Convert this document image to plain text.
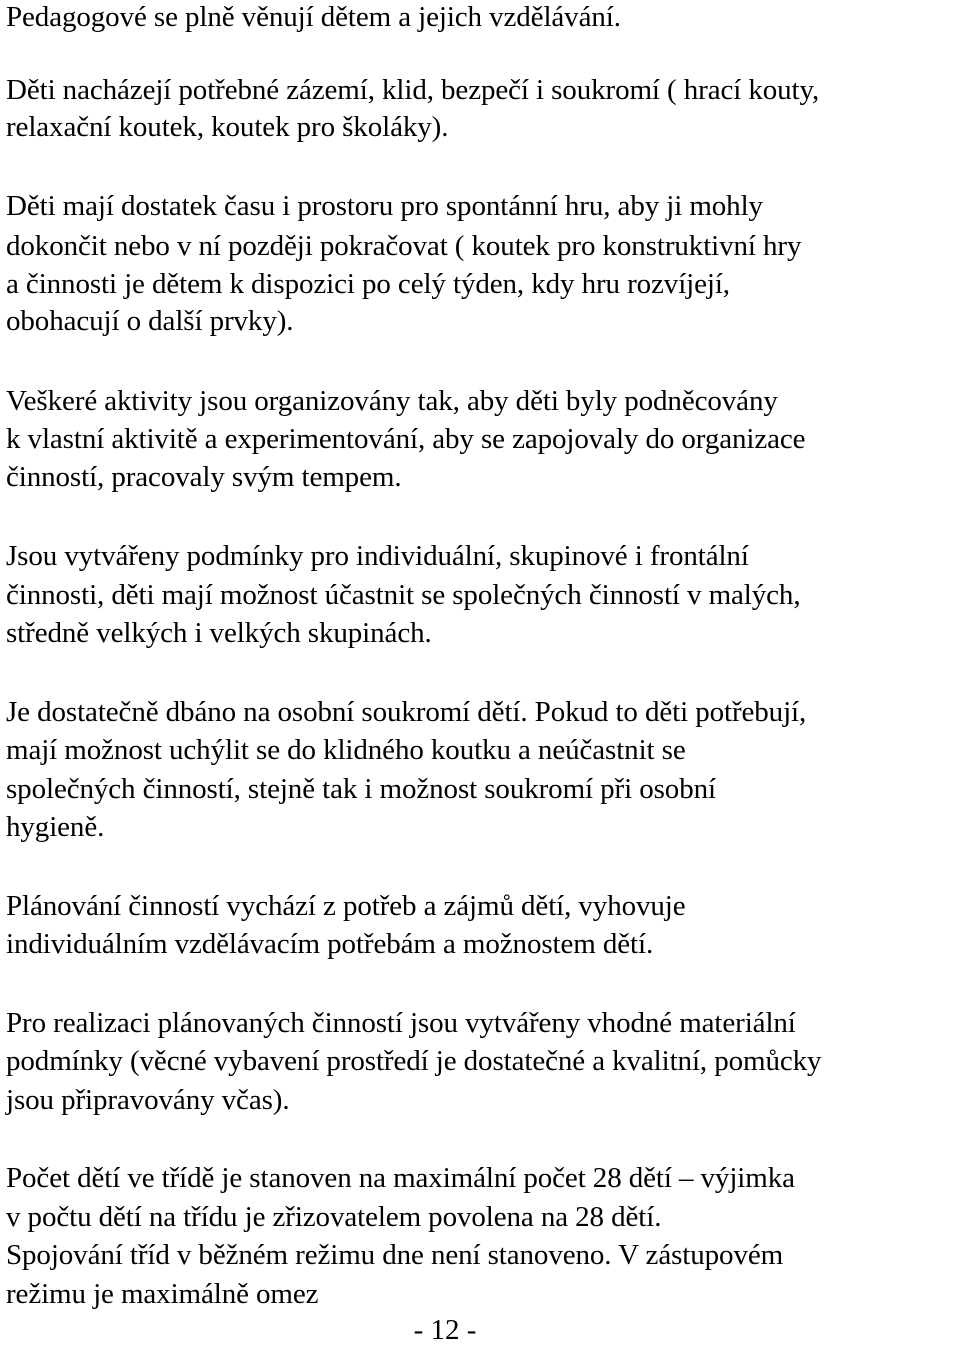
Pedagogové se plně věnují dětem a jejich vzdělávání.
Děti nacházejí potřebné zázemí, klid, bezpečí i soukromí ( hrací kouty,
relaxační koutek, koutek pro školáky).
Děti mají dostatek času i prostoru pro spontánní hru, aby ji mohly
dokončit nebo v ní později pokračovat ( koutek pro konstruktivní hry
a činnosti je dětem k dispozici po celý týden, kdy hru rozvíjejí,
obohacují o další prvky).
Veškeré aktivity jsou organizovány tak, aby děti byly podněcovány
k vlastní aktivitě a experimentování, aby se zapojovaly do organizace
činností, pracovaly svým tempem.
Jsou vytvářeny podmínky pro individuální, skupinové i frontální
činnosti, děti mají možnost účastnit se společných činností v malých,
středně velkých i velkých skupinách.
Je dostatečně dbáno na osobní soukromí dětí. Pokud to děti potřebují,
mají možnost uchýlit se do klidného koutku a neúčastnit se
společných činností, stejně tak i možnost soukromí při osobní
hygieně.
Plánování činností vychází z potřeb a zájmů dětí, vyhovuje
individuálním vzdělávacím potřebám a možnostem dětí.
Pro realizaci plánovaných činností jsou vytvářeny vhodné materiální
podmínky (věcné vybavení prostředí je dostatečné a kvalitní, pomůcky
jsou připravovány včas).
Počet dětí ve třídě je stanoven na maximální počet 28 dětí – výjimka
v počtu dětí na třídu je zřizovatelem povolena na 28 dětí.
Spojování tříd v běžném režimu dne není stanoveno. V zástupovém
režimu je maximálně omez
- 12 -
